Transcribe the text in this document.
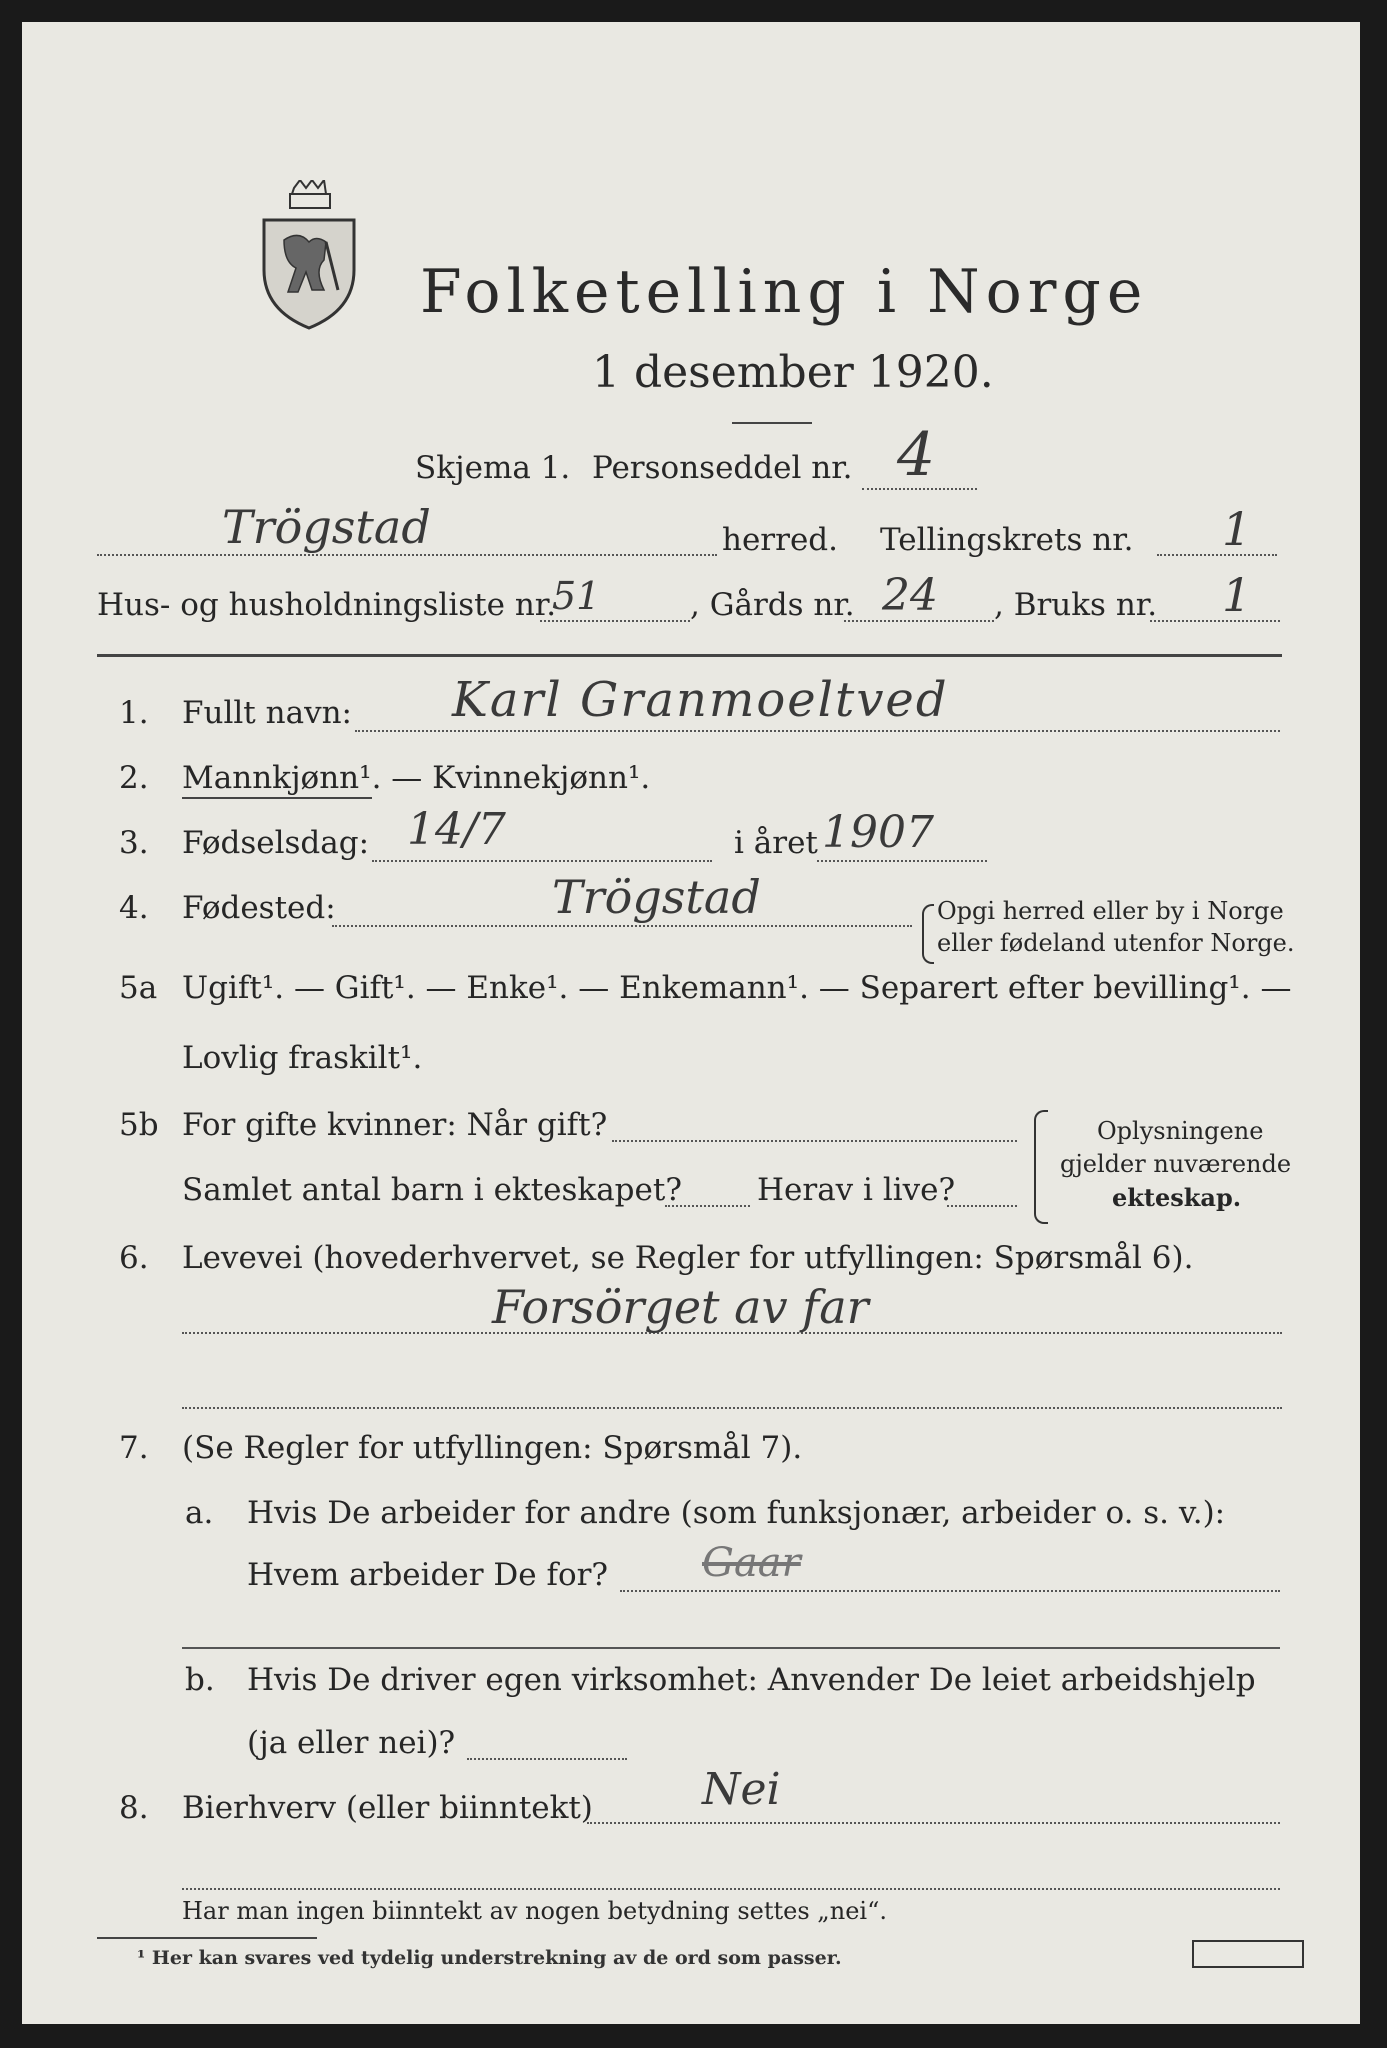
Folketelling i Norge
1 desember 1920.
Skjema 1. Personseddel nr. 4
Trögstad	herred. Tellingskrets nr. 1
Hus- og husholdningsliste nr.
51	, Gårds nr. 24 , Bruks nr. 1
1. Fullt navn: Karl Granmoeltved
2. Mannkjønn¹. — Kvinnekjønn¹.
3. Fødselsdag: 14/7	i året 1907
4. Fødested:	Trögstad	Opgi herred eller by i Norge
eller fødeland utenfor Norge.
5a Ugift¹. — Gift¹. — Enke¹. — Enkemann¹. — Separert efter bevilling¹. —
Lovlig fraskilt¹.
5b For gifte kvinner: Når gift?
Samlet antal barn i ekteskapet? Herav i live?
Oplysningene
gjelder nuværende
ekteskap.
6. Levevei (hovederhvervet, se Regler for utfyllingen: Spørsmål 6).
Forsörget av far
7. (Se Regler for utfyllingen: Spørsmål 7).
a. Hvis De arbeider for andre (som funksjonær, arbeider o. s. v.):
Hvem arbeider De for? Gaar
b. Hvis De driver egen virksomhet: Anvender De leiet arbeidshjelp
(ja eller nei)?
8. Bierhverv (eller biinntekt) Nei
Har man ingen biinntekt av nogen betydning settes „nei“.
¹ Her kan svares ved tydelig understrekning av de ord som passer.
